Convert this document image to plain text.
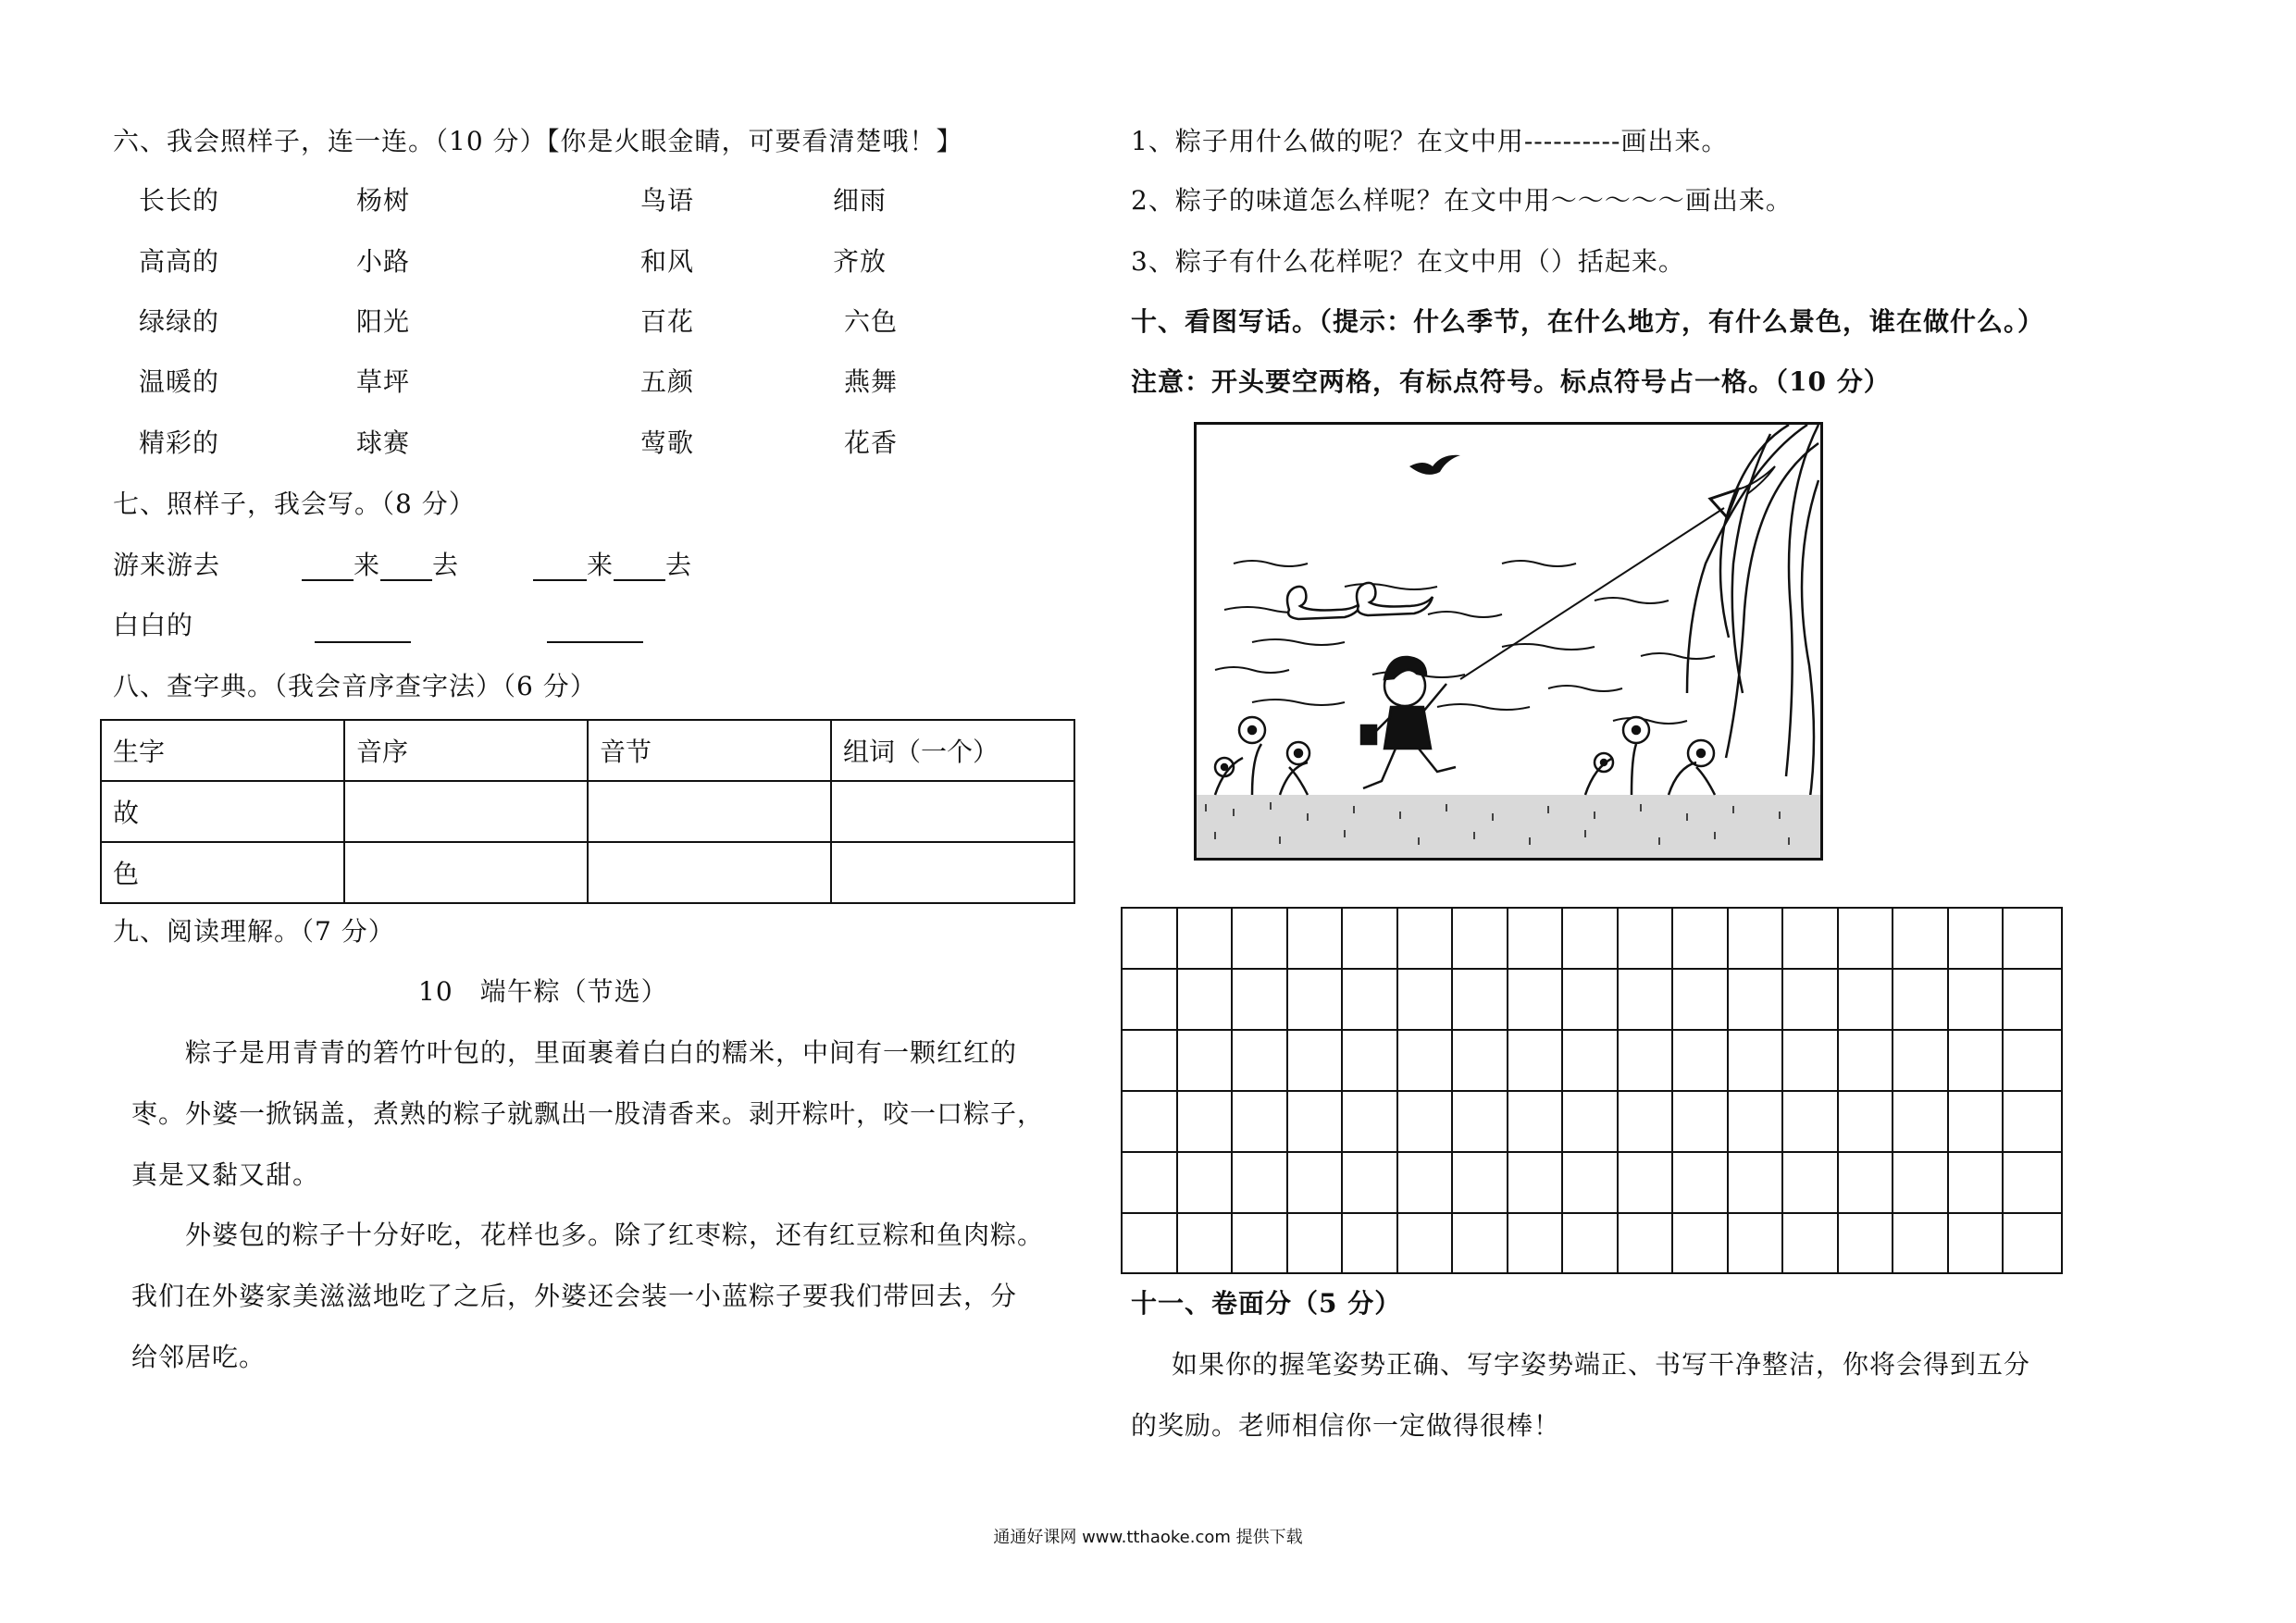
六、我会照样子，连一连。（10 分）【你是火眼金睛，可要看清楚哦！】
长长的	杨树	鸟语	细雨
高高的	小路	和风	齐放
绿绿的	阳光	百花	六色
温暖的	草坪	五颜	燕舞
精彩的	球赛	莺歌	花香
七、照样子，我会写。（8 分）
游来游去	来 去	来 去
白白的
八、查字典。（我会音序查字法）（6 分）
生字	音序	音节	组词（一个）
故			
色			
九、阅读理解。（7 分）
10　端午粽（节选）
粽子是用青青的箬竹叶包的，里面裹着白白的糯米，中间有一颗红红的
枣。外婆一掀锅盖，煮熟的粽子就飘出一股清香来。剥开粽叶，咬一口粽子，
真是又黏又甜。
外婆包的粽子十分好吃，花样也多。除了红枣粽，还有红豆粽和鱼肉粽。
我们在外婆家美滋滋地吃了之后，外婆还会装一小蓝粽子要我们带回去，分
给邻居吃。
1、粽子用什么做的呢？在文中用----------画出来。
2、粽子的味道怎么样呢？在文中用～～～～～画出来。
3、粽子有什么花样呢？在文中用（）括起来。
十、看图写话。（提示：什么季节，在什么地方，有什么景色，谁在做什么。）
注意：开头要空两格，有标点符号。标点符号占一格。（10 分）
十一、卷面分（5 分）
如果你的握笔姿势正确、写字姿势端正、书写干净整洁，你将会得到五分
的奖励。老师相信你一定做得很棒！
通通好课网 www.tthaoke.com 提供下载
